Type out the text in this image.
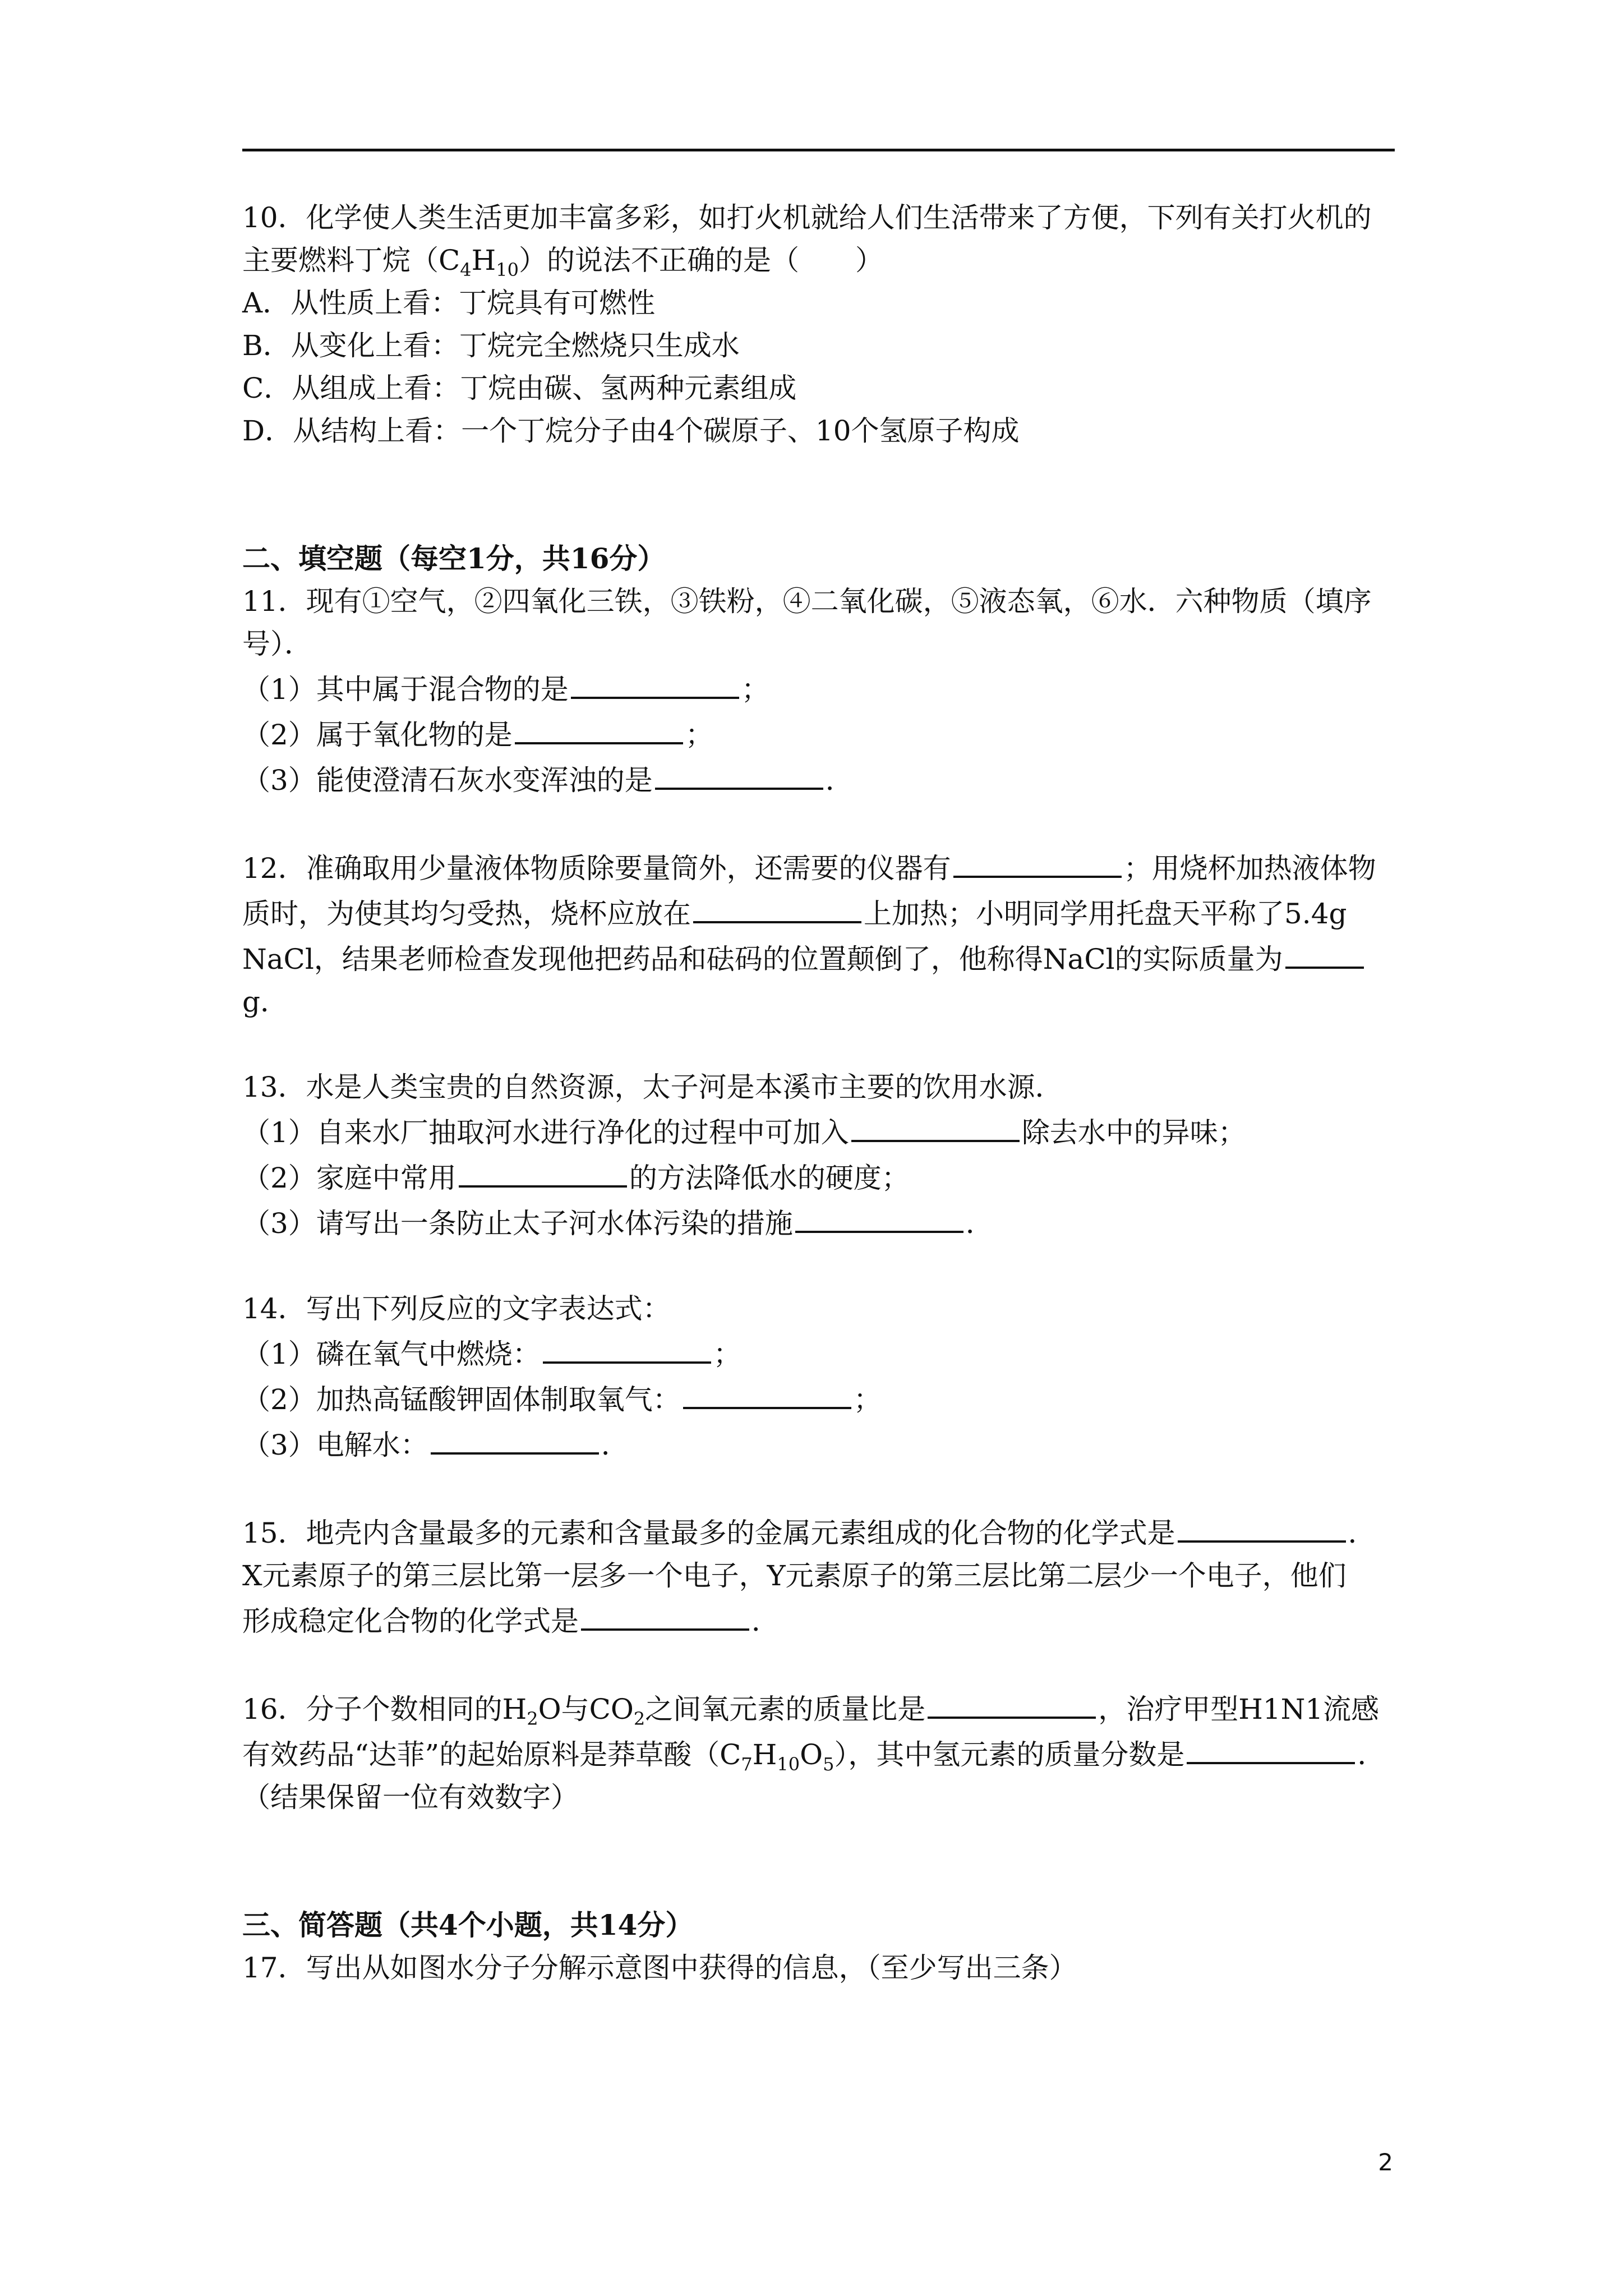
10．化学使人类生活更加丰富多彩，如打火机就给人们生活带来了方便，下列有关打火机的
主要燃料丁烷$(C_4H_{10})$的说法不正确的是（　　）
A．从性质上看：丁烷具有可燃性
B．从变化上看：丁烷完全燃烧只生成水
C．从组成上看：丁烷由碳、氢两种元素组成
D．从结构上看：一个丁烷分子由4个碳原子、10个氢原子构成
二、填空题（每空1分，共16分）
11．现有①空气，②四氧化三铁，③铁粉，④二氧化碳，⑤液态氧，⑥水．六种物质（填序
号）．
（1）其中属于混合物的是	；
（2）属于氧化物的是	；
（3）能使澄清石灰水变浑浊的是	．
12．准确取用少量液体物质除要量筒外，还需要的仪器有	；用烧杯加热液体物
质时，为使其均匀受热，烧杯应放在	上加热；小明同学用托盘天平称了5.4g
NaCl，结果老师检查发现他把药品和砝码的位置颠倒了，他称得NaCl的实际质量为
g．
13．水是人类宝贵的自然资源，太子河是本溪市主要的饮用水源．
（1）自来水厂抽取河水进行净化的过程中可加入	除去水中的异味；
（2）家庭中常用	的方法降低水的硬度；
（3）请写出一条防止太子河水体污染的措施	．
14．写出下列反应的文字表达式：
（1）磷在氧气中燃烧：	；
（2）加热高锰酸钾固体制取氧气：	；
（3）电解水：	．
15．地壳内含量最多的元素和含量最多的金属元素组成的化合物的化学式是	．
X元素原子的第三层比第一层多一个电子，Y元素原子的第三层比第二层少一个电子，他们
形成稳定化合物的化学式是	．
16．分子个数相同的$H_2O$与$CO_2$之间氧元素的质量比是	，治疗甲型H1N1流感
有效药品“达菲”的起始原料是莽草酸$(C_7H_{10}O_5)$，其中氢元素的质量分数是	．
（结果保留一位有效数字）
三、简答题（共4个小题，共14分）
17．写出从如图水分子分解示意图中获得的信息，（至少写出三条）
2
